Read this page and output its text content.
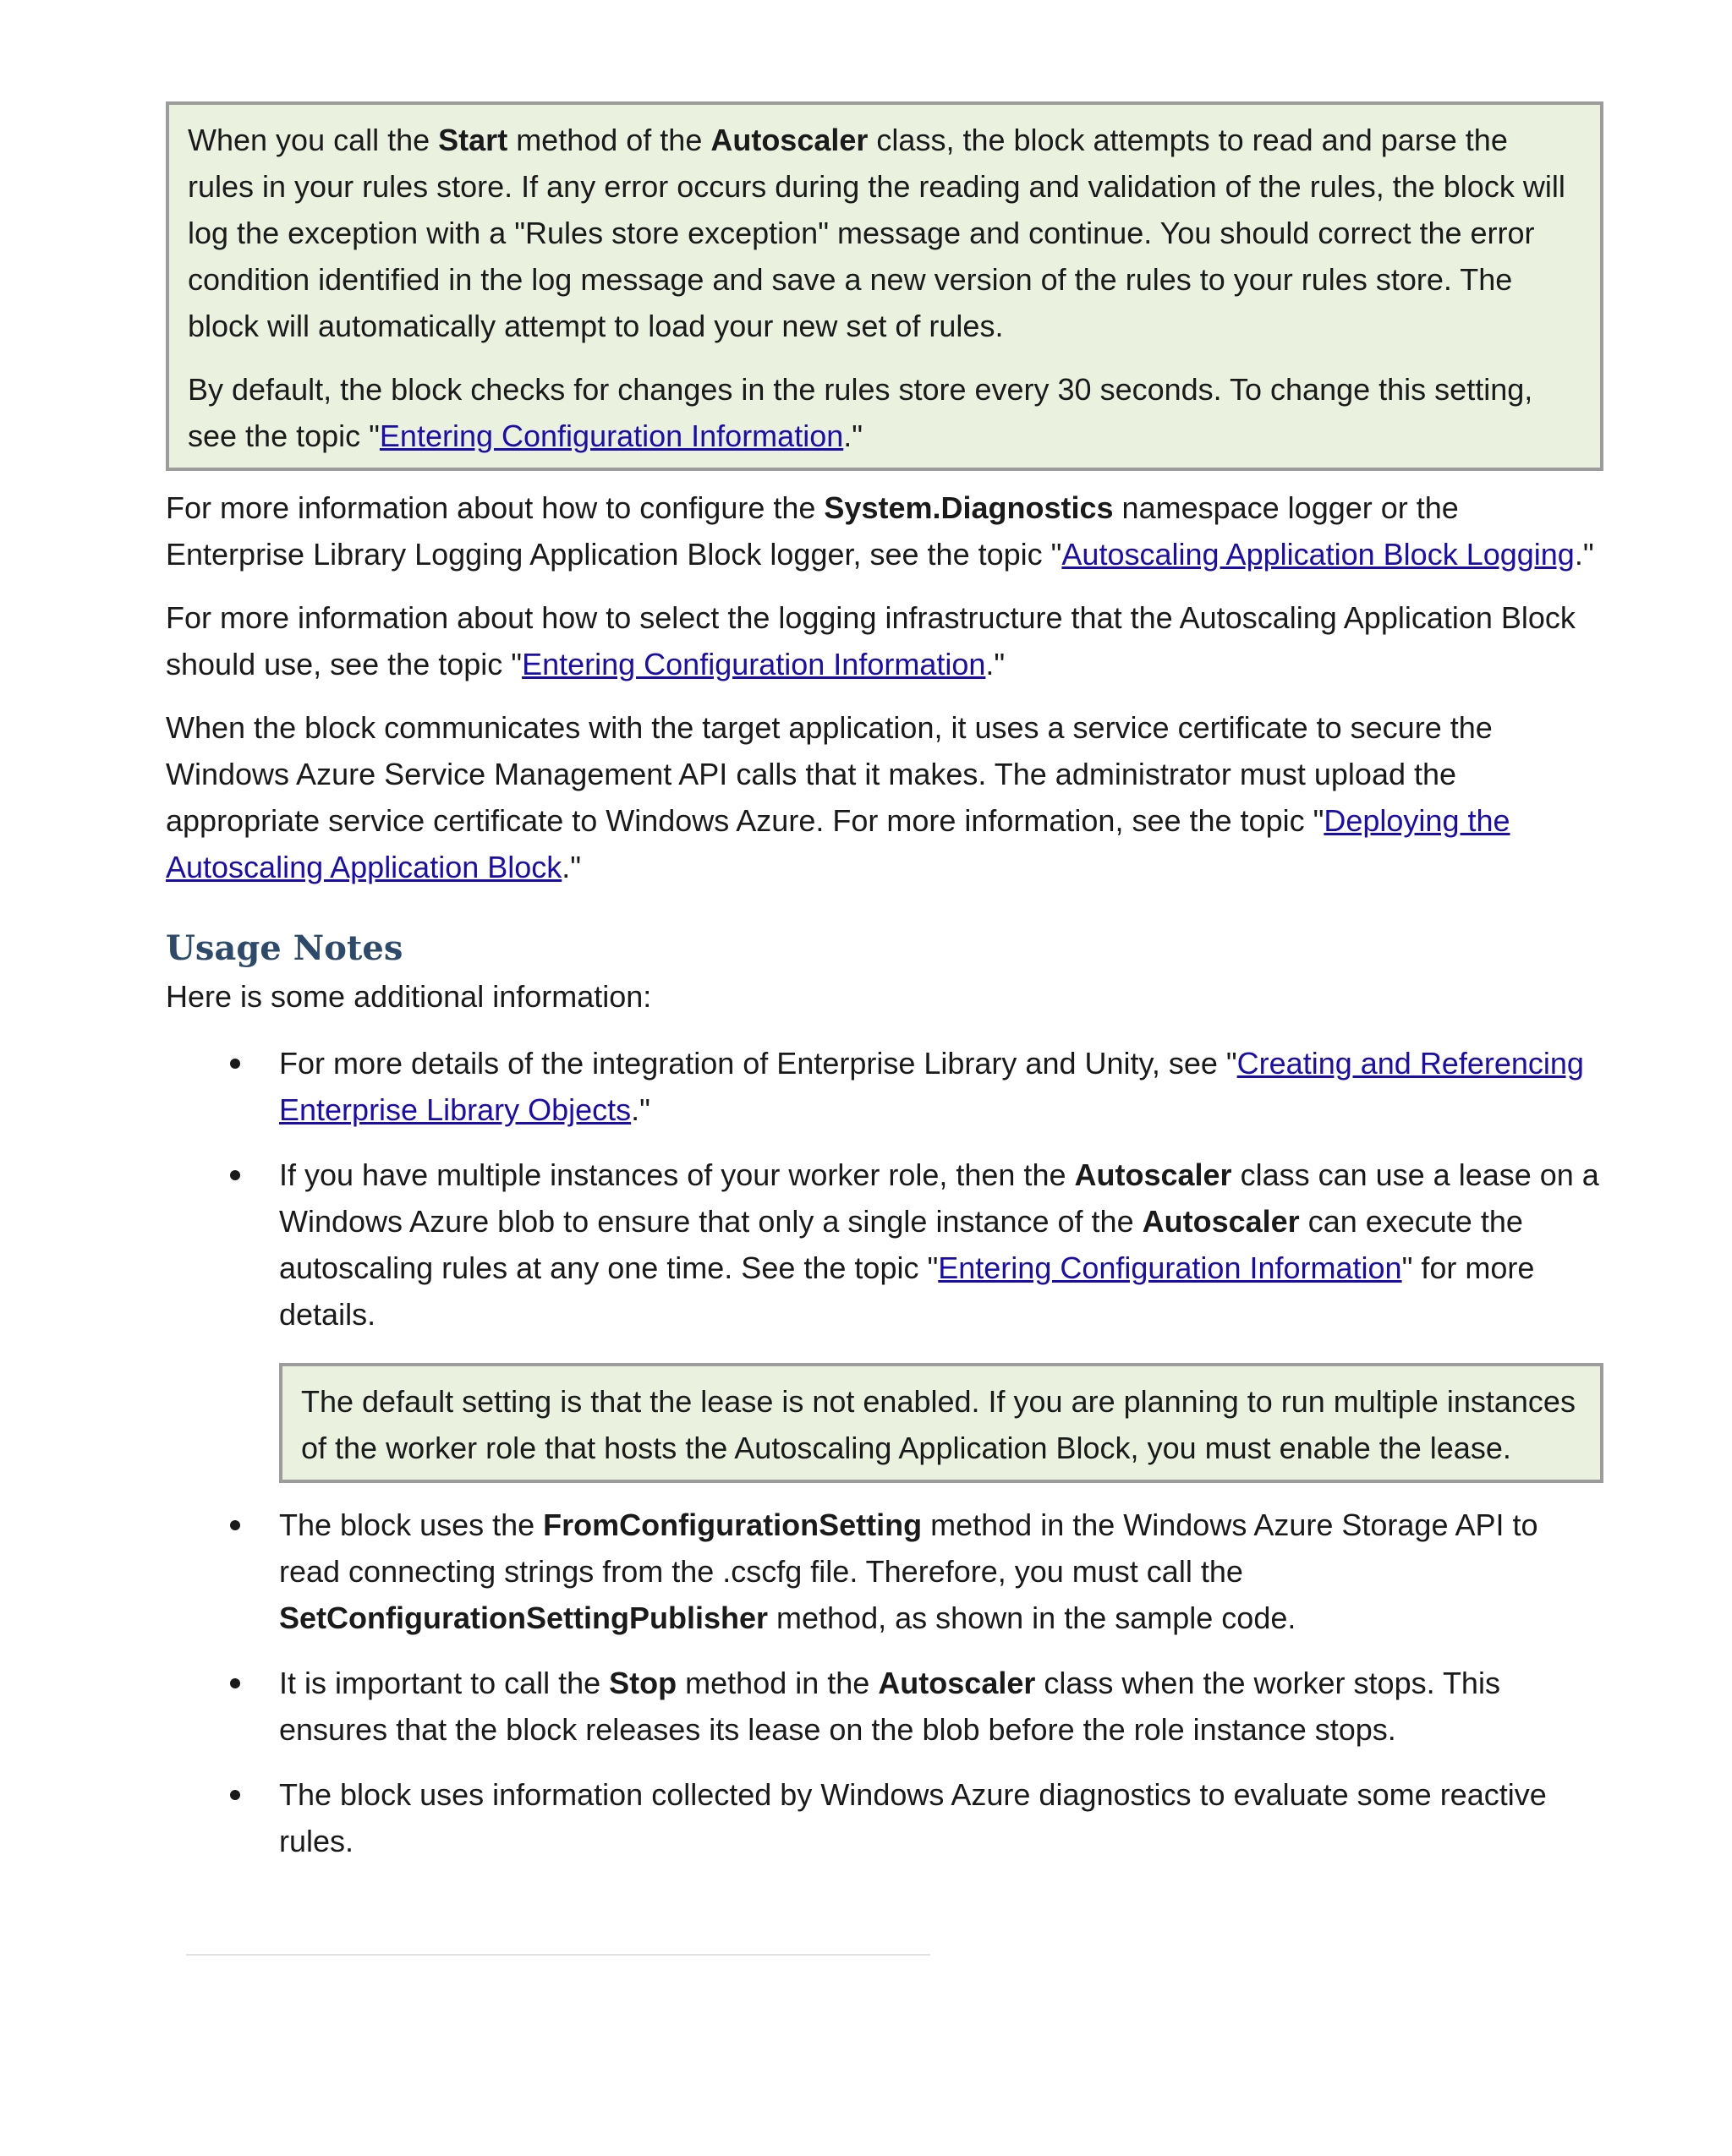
When you call the Start method of the Autoscaler class, the block attempts to read and parse the rules in your rules store. If any error occurs during the reading and validation of the rules, the block will log the exception with a "Rules store exception" message and continue. You should correct the error condition identified in the log message and save a new version of the rules to your rules store. The block will automatically attempt to load your new set of rules.

By default, the block checks for changes in the rules store every 30 seconds. To change this setting, see the topic "Entering Configuration Information."

For more information about how to configure the System.Diagnostics namespace logger or the Enterprise Library Logging Application Block logger, see the topic "Autoscaling Application Block Logging."

For more information about how to select the logging infrastructure that the Autoscaling Application Block should use, see the topic "Entering Configuration Information."

When the block communicates with the target application, it uses a service certificate to secure the Windows Azure Service Management API calls that it makes. The administrator must upload the appropriate service certificate to Windows Azure. For more information, see the topic "Deploying the Autoscaling Application Block."

Usage Notes

Here is some additional information:

For more details of the integration of Enterprise Library and Unity, see "Creating and Referencing Enterprise Library Objects."

If you have multiple instances of your worker role, then the Autoscaler class can use a lease on a Windows Azure blob to ensure that only a single instance of the Autoscaler can execute the autoscaling rules at any one time. See the topic "Entering Configuration Information" for more details.

The default setting is that the lease is not enabled. If you are planning to run multiple instances of the worker role that hosts the Autoscaling Application Block, you must enable the lease.

The block uses the FromConfigurationSetting method in the Windows Azure Storage API to read connecting strings from the .cscfg file. Therefore, you must call the SetConfigurationSettingPublisher method, as shown in the sample code.

It is important to call the Stop method in the Autoscaler class when the worker stops. This ensures that the block releases its lease on the blob before the role instance stops.

The block uses information collected by Windows Azure diagnostics to evaluate some reactive rules.
